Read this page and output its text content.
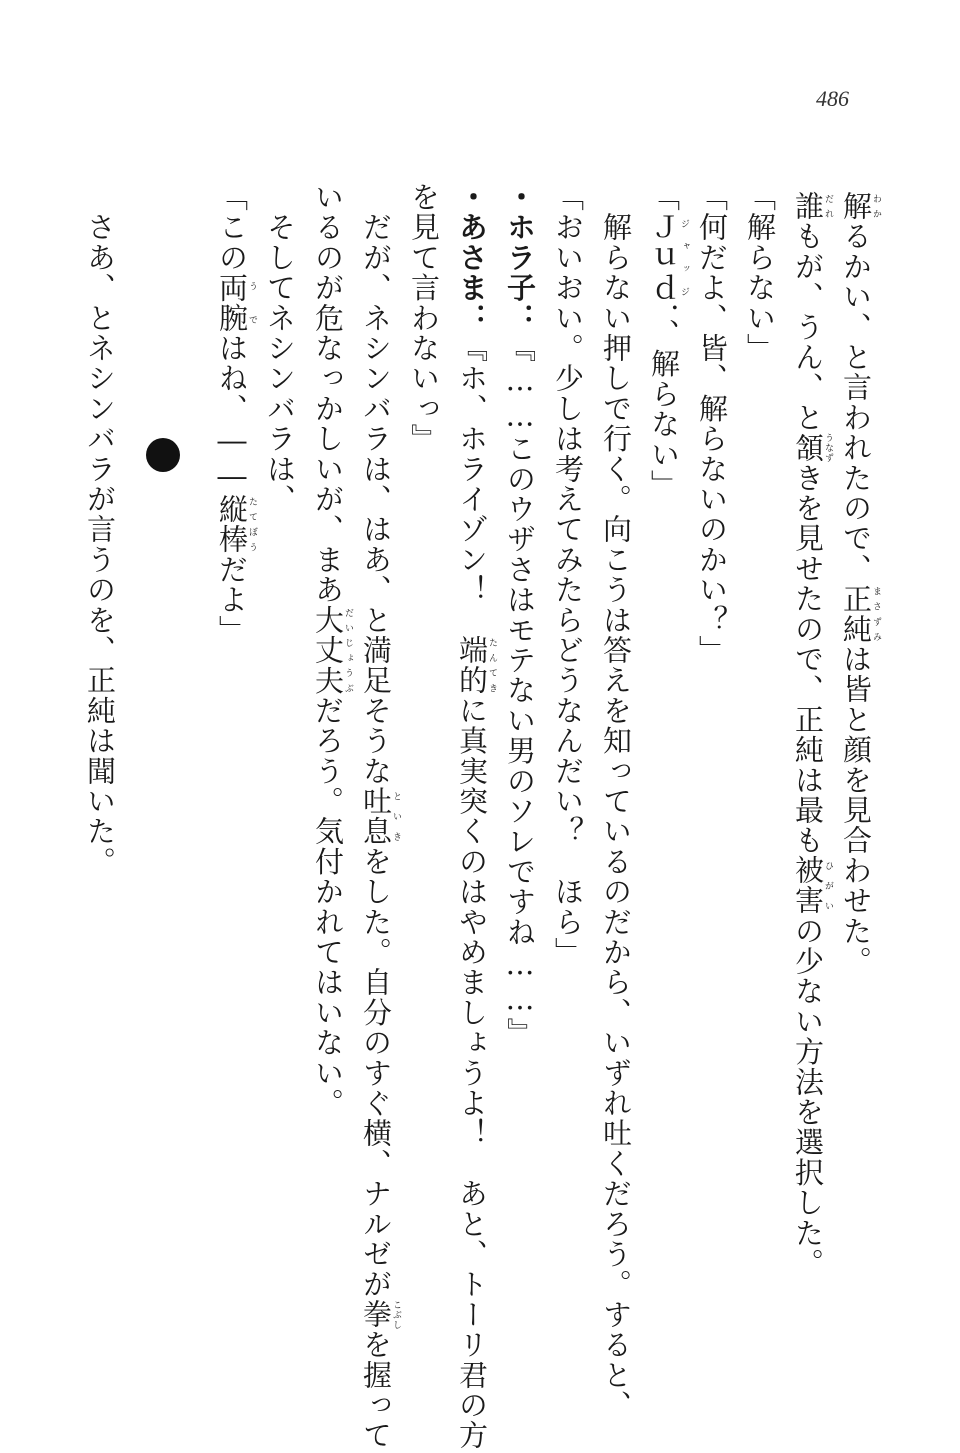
486
解わかるかい、と言われたので、正純まさずみは皆と顔を見合わせた。
誰だれもが、うん、と頷うなずきを見せたので、正純は最も被害ひがいの少ない方法を選択した。
「解らない」
「何だよ、皆、解らないのかい？」
「Ｊｕｄジャッジ．、解らない」
　解らない押しで行く。向こうは答えを知っているのだから、いずれ吐くだろう。すると、
「おいおい。少しは考えてみたらどうなんだい？　ほら」
・ホラ子：『……このウザさはモテない男のソレですね……』
・あさま：『ホ、ホライゾン！　端的たんてきに真実突くのはやめましょうよ！　あと、トーリ君の方
を見て言わないっ』
　だが、ネシンバラは、はあ、と満足そうな吐息といきをした。自分のすぐ横、ナルゼが拳こぶしを握って
いるのが危なっかしいが、まあ大丈夫だいじょうぶだろう。気付かれてはいない。
　そしてネシンバラは、
「この両腕うではね、――縦棒たてぼうだよ」
　さあ、とネシンバラが言うのを、正純は聞いた。
